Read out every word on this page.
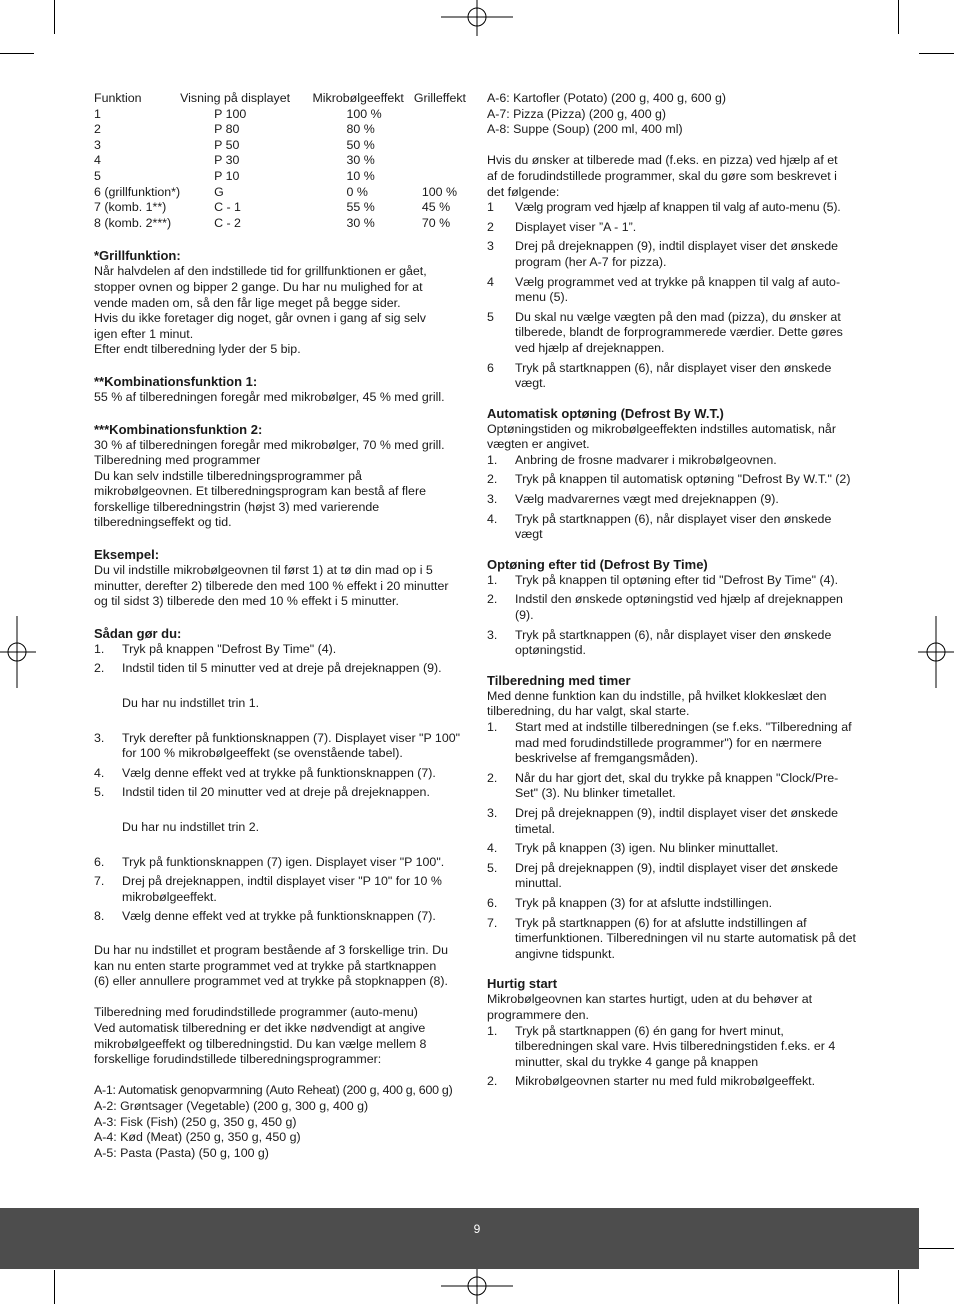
Funktion	Visning på displayet	Mikrobølgeeffekt	Grilleffekt
1	P 100	100 %	
2	P 80	80 %	
3	P 50	50 %	
4	P 30	30 %	
5	P 10	10 %	
6 (grillfunktion*)	G	0 %	100 %
7 (komb. 1**)	C - 1	55 %	45 %
8 (komb. 2***)	C - 2	30 %	70 %
*Grillfunktion:
Når halvdelen af den indstillede tid for grillfunktionen er gået,
stopper ovnen og bipper 2 gange. Du har nu mulighed for at
vende maden om, så den får lige meget på begge sider.
Hvis du ikke foretager dig noget, går ovnen i gang af sig selv
igen efter 1 minut.
Efter endt tilberedning lyder der 5 bip.
**Kombinationsfunktion 1:
55 % af tilberedningen foregår med mikrobølger, 45 % med grill.
***Kombinationsfunktion 2:
30 % af tilberedningen foregår med mikrobølger, 70 % med grill.
Tilberedning med programmer
Du kan selv indstille tilberedningsprogrammer på
mikrobølgeovnen. Et tilberedningsprogram kan bestå af flere
forskellige tilberedningstrin (højst 3) med varierende
tilberedningseffekt og tid.
Eksempel:
Du vil indstille mikrobølgeovnen til først 1) at tø din mad op i 5
minutter, derefter 2) tilberede den med 100 % effekt i 20 minutter
og til sidst 3) tilberede den med 10 % effekt i 5 minutter.
Sådan gør du:
1.	Tryk på knappen "Defrost By Time" (4).
2.	Indstil tiden til 5 minutter ved at dreje på drejeknappen (9).
Du har nu indstillet trin 1.
3.	Tryk derefter på funktionsknappen (7). Displayet viser "P 100" for 100 % mikrobølgeeffekt (se ovenstående tabel).
4.	Vælg denne effekt ved at trykke på funktionsknappen (7).
5.	Indstil tiden til 20 minutter ved at dreje på drejeknappen.
Du har nu indstillet trin 2.
6.	Tryk på funktionsknappen (7) igen. Displayet viser "P 100".
7.	Drej på drejeknappen, indtil displayet viser "P 10" for 10 % mikrobølgeeffekt.
8.	Vælg denne effekt ved at trykke på funktionsknappen (7).
Du har nu indstillet et program bestående af 3 forskellige trin. Du
kan nu enten starte programmet ved at trykke på startknappen
(6) eller annullere programmet ved at trykke på stopknappen (8).
Tilberedning med forudindstillede programmer (auto-menu)
Ved automatisk tilberedning er det ikke nødvendigt at angive
mikrobølgeeffekt og tilberedningstid. Du kan vælge mellem 8
forskellige forudindstillede tilberedningsprogrammer:
A-1: Automatisk genopvarmning (Auto Reheat) (200 g, 400 g, 600 g)
A-2: Grøntsager (Vegetable) (200 g, 300 g, 400 g)
A-3: Fisk (Fish) (250 g, 350 g, 450 g)
A-4: Kød (Meat) (250 g, 350 g, 450 g)
A-5: Pasta (Pasta) (50 g, 100 g)
A-6: Kartofler (Potato) (200 g, 400 g, 600 g)
A-7: Pizza (Pizza) (200 g, 400 g)
A-8: Suppe (Soup) (200 ml, 400 ml)
Hvis du ønsker at tilberede mad (f.eks. en pizza) ved hjælp af et
af de forudindstillede programmer, skal du gøre som beskrevet i
det følgende:
1	Vælg program ved hjælp af knappen til valg af auto-menu (5).
2	Displayet viser ”A - 1”.
3	Drej på drejeknappen (9), indtil displayet viser det ønskede program (her A-7 for pizza).
4	Vælg programmet ved at trykke på knappen til valg af auto-menu (5).
5	Du skal nu vælge vægten på den mad (pizza), du ønsker at tilberede, blandt de forprogrammerede værdier. Dette gøres ved hjælp af drejeknappen.
6	Tryk på startknappen (6), når displayet viser den ønskede vægt.
Automatisk optøning (Defrost By W.T.)
Optøningstiden og mikrobølgeeffekten indstilles automatisk, når
vægten er angivet.
1.	Anbring de frosne madvarer i mikrobølgeovnen.
2.	Tryk på knappen til automatisk optøning "Defrost By W.T." (2)
3.	Vælg madvarernes vægt med drejeknappen (9).
4.	Tryk på startknappen (6), når displayet viser den ønskede vægt
Optøning efter tid (Defrost By Time)
1.	Tryk på knappen til optøning efter tid "Defrost By Time" (4).
2.	Indstil den ønskede optøningstid ved hjælp af drejeknappen (9).
3.	Tryk på startknappen (6), når displayet viser den ønskede optøningstid.
Tilberedning med timer
Med denne funktion kan du indstille, på hvilket klokkeslæt den
tilberedning, du har valgt, skal starte.
1.	Start med at indstille tilberedningen (se f.eks. "Tilberedning af mad med forudindstillede programmer") for en nærmere beskrivelse af fremgangsmåden).
2.	Når du har gjort det, skal du trykke på knappen "Clock/Pre-Set" (3). Nu blinker timetallet.
3.	Drej på drejeknappen (9), indtil displayet viser det ønskede timetal.
4.	Tryk på knappen (3) igen. Nu blinker minuttallet.
5.	Drej på drejeknappen (9), indtil displayet viser det ønskede minuttal.
6.	Tryk på knappen (3) for at afslutte indstillingen.
7.	Tryk på startknappen (6) for at afslutte indstillingen af timerfunktionen. Tilberedningen vil nu starte automatisk på det angivne tidspunkt.
Hurtig start
Mikrobølgeovnen kan startes hurtigt, uden at du behøver at
programmere den.
1.	Tryk på startknappen (6) én gang for hvert minut, tilberedningen skal vare. Hvis tilberedningstiden f.eks. er 4 minutter, skal du trykke 4 gange på knappen
2.	Mikrobølgeovnen starter nu med fuld mikrobølgeeffekt.
9
